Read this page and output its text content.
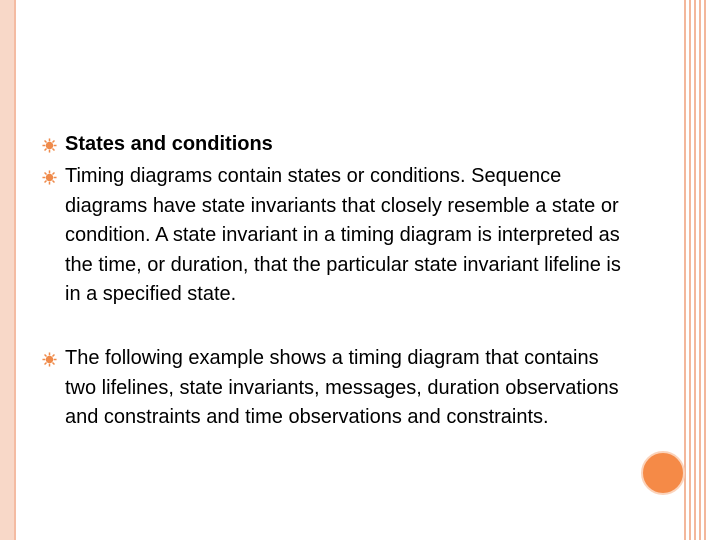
States and conditions
Timing diagrams contain states or conditions. Sequence diagrams have state invariants that closely resemble a state or condition. A state invariant in a timing diagram is interpreted as the time, or duration, that the particular state invariant lifeline is in a specified state.
The following example shows a timing diagram that contains two lifelines, state invariants, messages, duration observations and constraints and time observations and constraints.
